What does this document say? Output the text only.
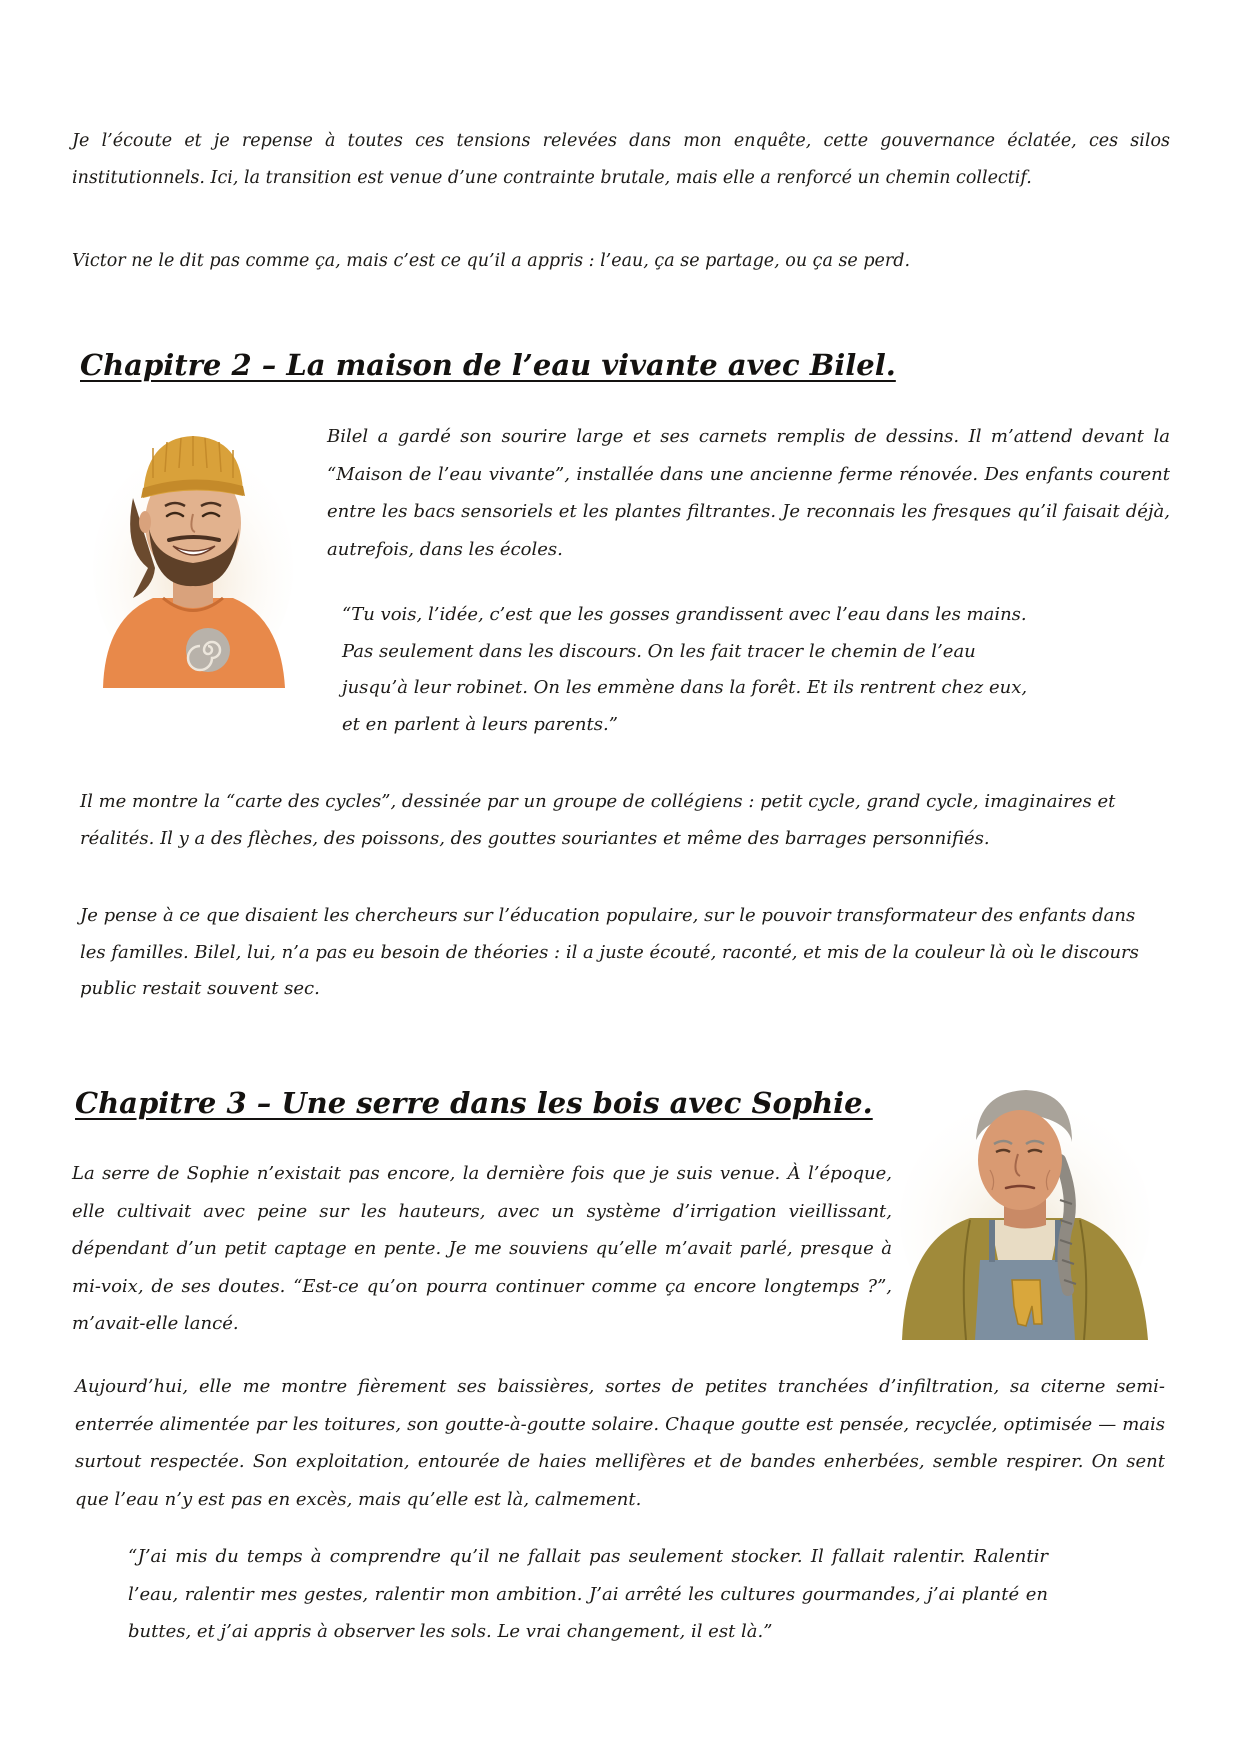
Je l’écoute et je repense à toutes ces tensions relevées dans mon enquête, cette gouvernance éclatée, ces silos institutionnels. Ici, la transition est venue d’une contrainte brutale, mais elle a renforcé un chemin collectif.

Victor ne le dit pas comme ça, mais c’est ce qu’il a appris : l’eau, ça se partage, ou ça se perd.

Chapitre 2 – La maison de l’eau vivante avec Bilel.

Bilel a gardé son sourire large et ses carnets remplis de dessins. Il m’attend devant la “Maison de l’eau vivante”, installée dans une ancienne ferme rénovée. Des enfants courent entre les bacs sensoriels et les plantes filtrantes. Je reconnais les fresques qu’il faisait déjà, autrefois, dans les écoles.

“Tu vois, l’idée, c’est que les gosses grandissent avec l’eau dans les mains.
Pas seulement dans les discours. On les fait tracer le chemin de l’eau
jusqu’à leur robinet. On les emmène dans la forêt. Et ils rentrent chez eux,
et en parlent à leurs parents.”

Il me montre la “carte des cycles”, dessinée par un groupe de collégiens : petit cycle, grand cycle, imaginaires et réalités. Il y a des flèches, des poissons, des gouttes souriantes et même des barrages personnifiés.

Je pense à ce que disaient les chercheurs sur l’éducation populaire, sur le pouvoir transformateur des enfants dans les familles. Bilel, lui, n’a pas eu besoin de théories : il a juste écouté, raconté, et mis de la couleur là où le discours public restait souvent sec.

Chapitre 3 – Une serre dans les bois avec Sophie.

La serre de Sophie n’existait pas encore, la dernière fois que je suis venue. À l’époque, elle cultivait avec peine sur les hauteurs, avec un système d’irrigation vieillissant, dépendant d’un petit captage en pente. Je me souviens qu’elle m’avait parlé, presque à mi-voix, de ses doutes. “Est-ce qu’on pourra continuer comme ça encore longtemps ?”, m’avait-elle lancé.

Aujourd’hui, elle me montre fièrement ses baissières, sortes de petites tranchées d’infiltration, sa citerne semi-enterrée alimentée par les toitures, son goutte-à-goutte solaire. Chaque goutte est pensée, recyclée, optimisée — mais surtout respectée. Son exploitation, entourée de haies mellifères et de bandes enherbées, semble respirer. On sent que l’eau n’y est pas en excès, mais qu’elle est là, calmement.

“J’ai mis du temps à comprendre qu’il ne fallait pas seulement stocker. Il fallait ralentir. Ralentir l’eau, ralentir mes gestes, ralentir mon ambition. J’ai arrêté les cultures gourmandes, j’ai planté en buttes, et j’ai appris à observer les sols. Le vrai changement, il est là.”
